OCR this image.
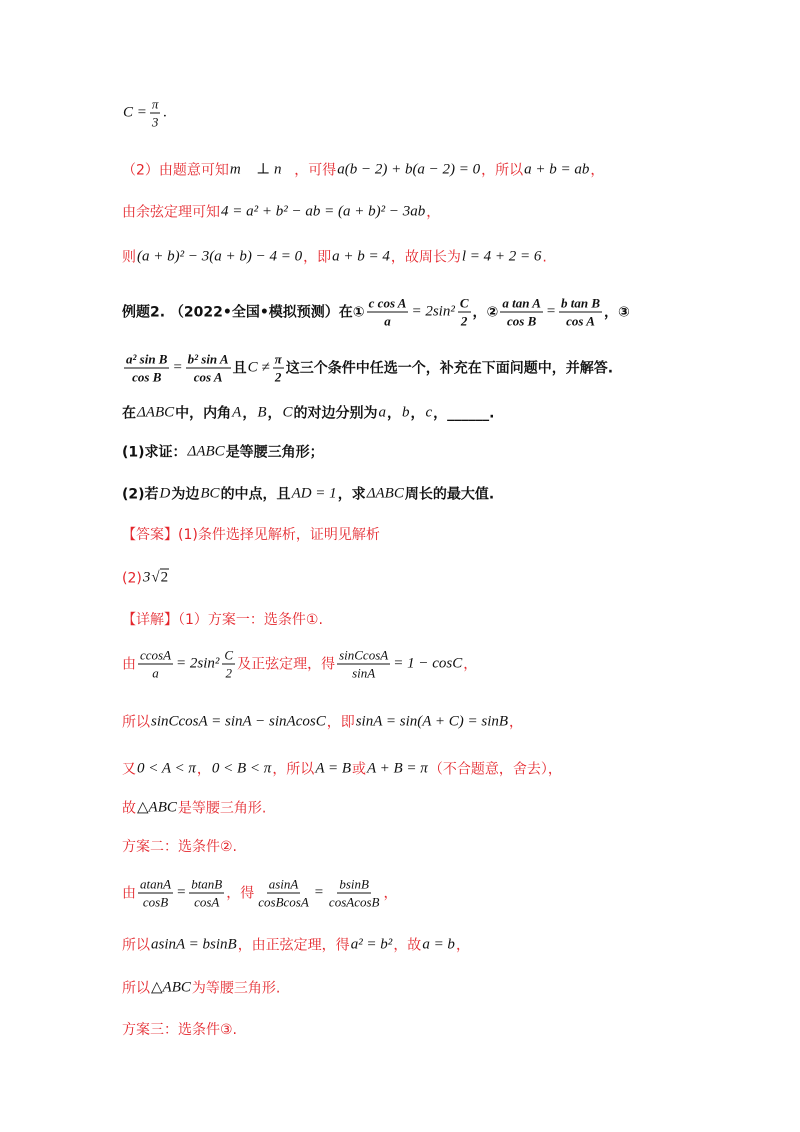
$C = \frac{\pi}{3}$ .
（2）由题意可知 m⃗ ⊥ n⃗ ，可得 a(b − 2) + b(a − 2) = 0 ，所以 a + b = ab ，
由余弦定理可知 4 = a² + b² − ab = (a + b)² − 3ab ，
则 (a + b)² − 3(a + b) − 4 = 0 ，即 a + b = 4 ，故周长为 l = 4 + 2 = 6 .
例题2. （2022•全国•模拟预测）在① $\frac{\text{c cos A}}{a} = 2\sin^2 \frac{C}{2}$ ，② $\frac{\text{a tan A}}{\text{cos B}} = \frac{\text{b tan B}}{\text{cos A}}$ ，③
$\frac{\text{a² sin B}}{\text{cos B}} = \frac{\text{b² sin A}}{\text{cos A}}$ 且 $C \ne \frac{\pi}{2}$ 这三个条件中任选一个，补充在下面问题中，并解答.
在 ΔABC 中，内角 A ， B ， C 的对边分别为 a ， b ， c ，______.
(1)求证： ΔABC 是等腰三角形；
(2)若 D 为边 BC 的中点，且 AD = 1 ，求 ΔABC 周长的最大值.
【答案】(1)条件选择见解析，证明见解析
(2) 3 √2
【详解】（1）方案一：选条件①.
由 $\frac{ccosA}{a} = 2\sin^2 \frac{C}{2}$ 及正弦定理，得 $\frac{\text{sinCcosA}}{\sin A} = 1 - \cos C$ ，
所以 sinCcosA = sinA − sinAcosC ，即 sinA = sin(A + C) = sinB ，
又 0 < A < π ， 0 < B < π ，所以 A = B 或 A + B = π （不合题意，舍去），
故 △ABC 是等腰三角形.
方案二：选条件②.
由 $\frac{atanA}{\cos B} = \frac{btanB}{\cos A}$ ，得 $\frac{asinA}{\text{cosBcosA}} = \frac{bsinB}{\text{cosAcosB}}$ ，
所以 asinA = bsinB ，由正弦定理，得 a² = b² ，故 a = b ，
所以 △ABC 为等腰三角形.
方案三：选条件③.
